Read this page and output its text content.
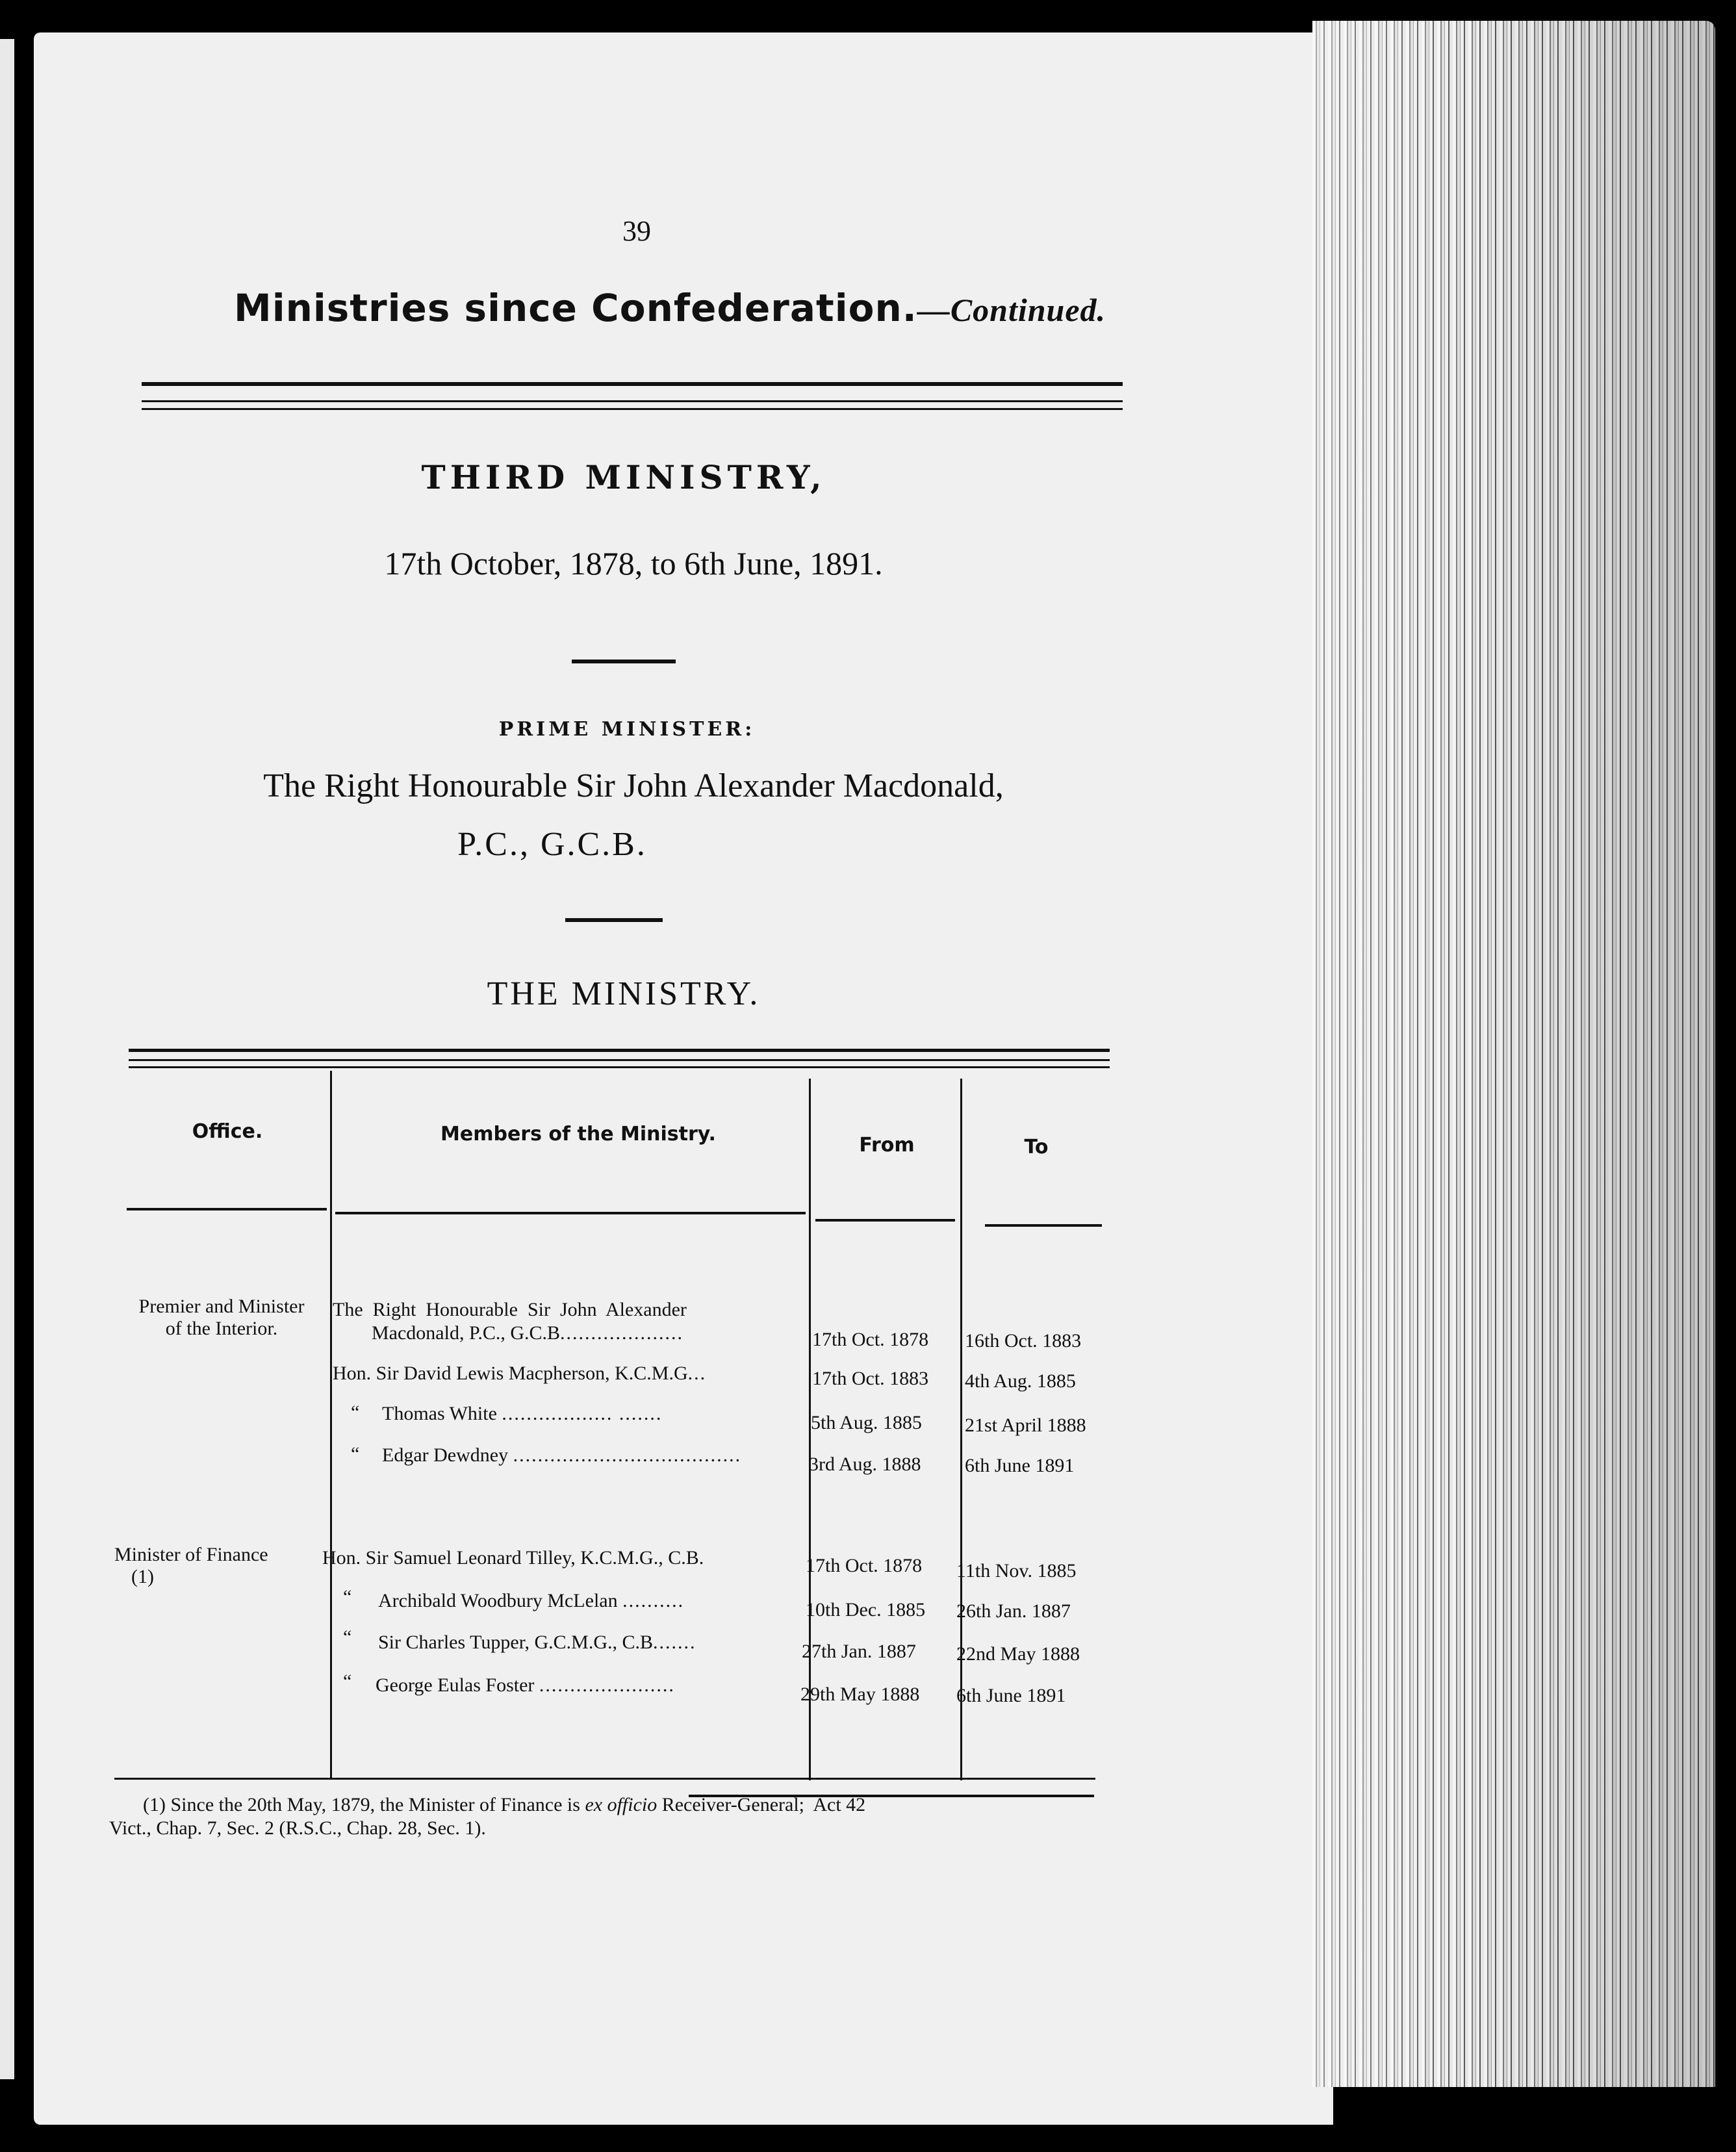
39
Ministries since Confederation.—Continued.
THIRD MINISTRY,
17th October, 1878, to 6th June, 1891.
PRIME MINISTER:
The Right Honourable Sir John Alexander Macdonald,
P.C., G.C.B.
THE MINISTRY.
Office.	Members of the Ministry.	From	To
Premier and Minister
of the Interior.
The  Right  Honourable  Sir  John  Alexander
Macdonald, P.C., G.C.B....................	17th Oct. 1878 16th Oct. 1883
Hon. Sir David Lewis Macpherson, K.C.M.G...	17th Oct. 1883 4th Aug. 1885
“ Thomas White .................. .......	5th Aug. 1885 21st April 1888
“ Edgar Dewdney .....................................	3rd Aug. 1888 6th June 1891
Minister of Finance
(1)
Hon. Sir Samuel Leonard Tilley, K.C.M.G., C.B.	17th Oct. 1878 11th Nov. 1885
“ Archibald Woodbury McLelan ..........	10th Dec. 1885 26th Jan. 1887
“ Sir Charles Tupper, G.C.M.G., C.B.......	27th Jan. 1887 22nd May 1888
“ George Eulas Foster ......................	29th May 1888 6th June 1891
(1) Since the 20th May, 1879, the Minister of Finance is ex officio Receiver-General;  Act 42
Vict., Chap. 7, Sec. 2 (R.S.C., Chap. 28, Sec. 1).
